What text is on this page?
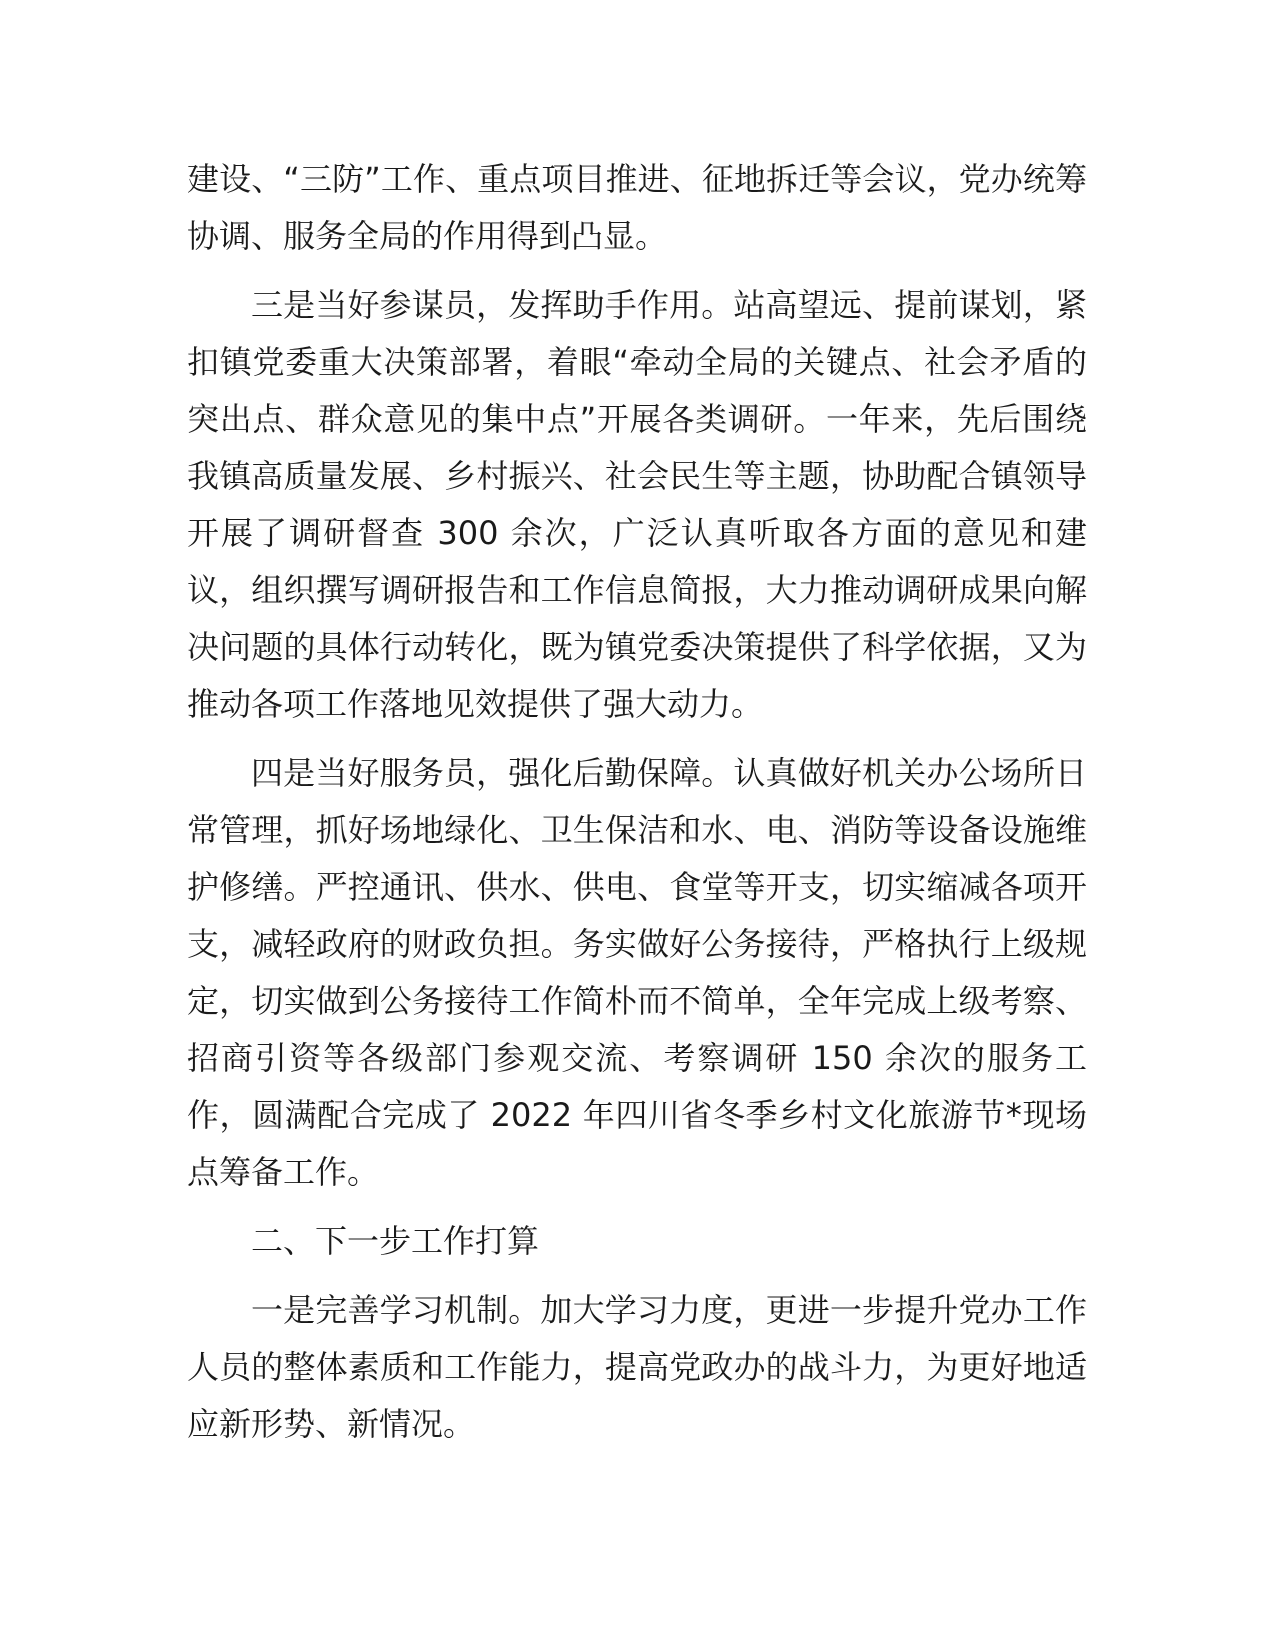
建设、“三防”工作、重点项目推进、征地拆迁等会议，党办统筹协调、服务全局的作用得到凸显。

三是当好参谋员，发挥助手作用。站高望远、提前谋划，紧扣镇党委重大决策部署，着眼“牵动全局的关键点、社会矛盾的突出点、群众意见的集中点”开展各类调研。一年来，先后围绕我镇高质量发展、乡村振兴、社会民生等主题，协助配合镇领导开展了调研督查 300 余次，广泛认真听取各方面的意见和建议，组织撰写调研报告和工作信息简报，大力推动调研成果向解决问题的具体行动转化，既为镇党委决策提供了科学依据，又为推动各项工作落地见效提供了强大动力。

四是当好服务员，强化后勤保障。认真做好机关办公场所日常管理，抓好场地绿化、卫生保洁和水、电、消防等设备设施维护修缮。严控通讯、供水、供电、食堂等开支，切实缩减各项开支，减轻政府的财政负担。务实做好公务接待，严格执行上级规定，切实做到公务接待工作简朴而不简单，全年完成上级考察、招商引资等各级部门参观交流、考察调研 150 余次的服务工作，圆满配合完成了 2022 年四川省冬季乡村文化旅游节*现场点筹备工作。

二、下一步工作打算

一是完善学习机制。加大学习力度，更进一步提升党办工作人员的整体素质和工作能力，提高党政办的战斗力，为更好地适应新形势、新情况。
